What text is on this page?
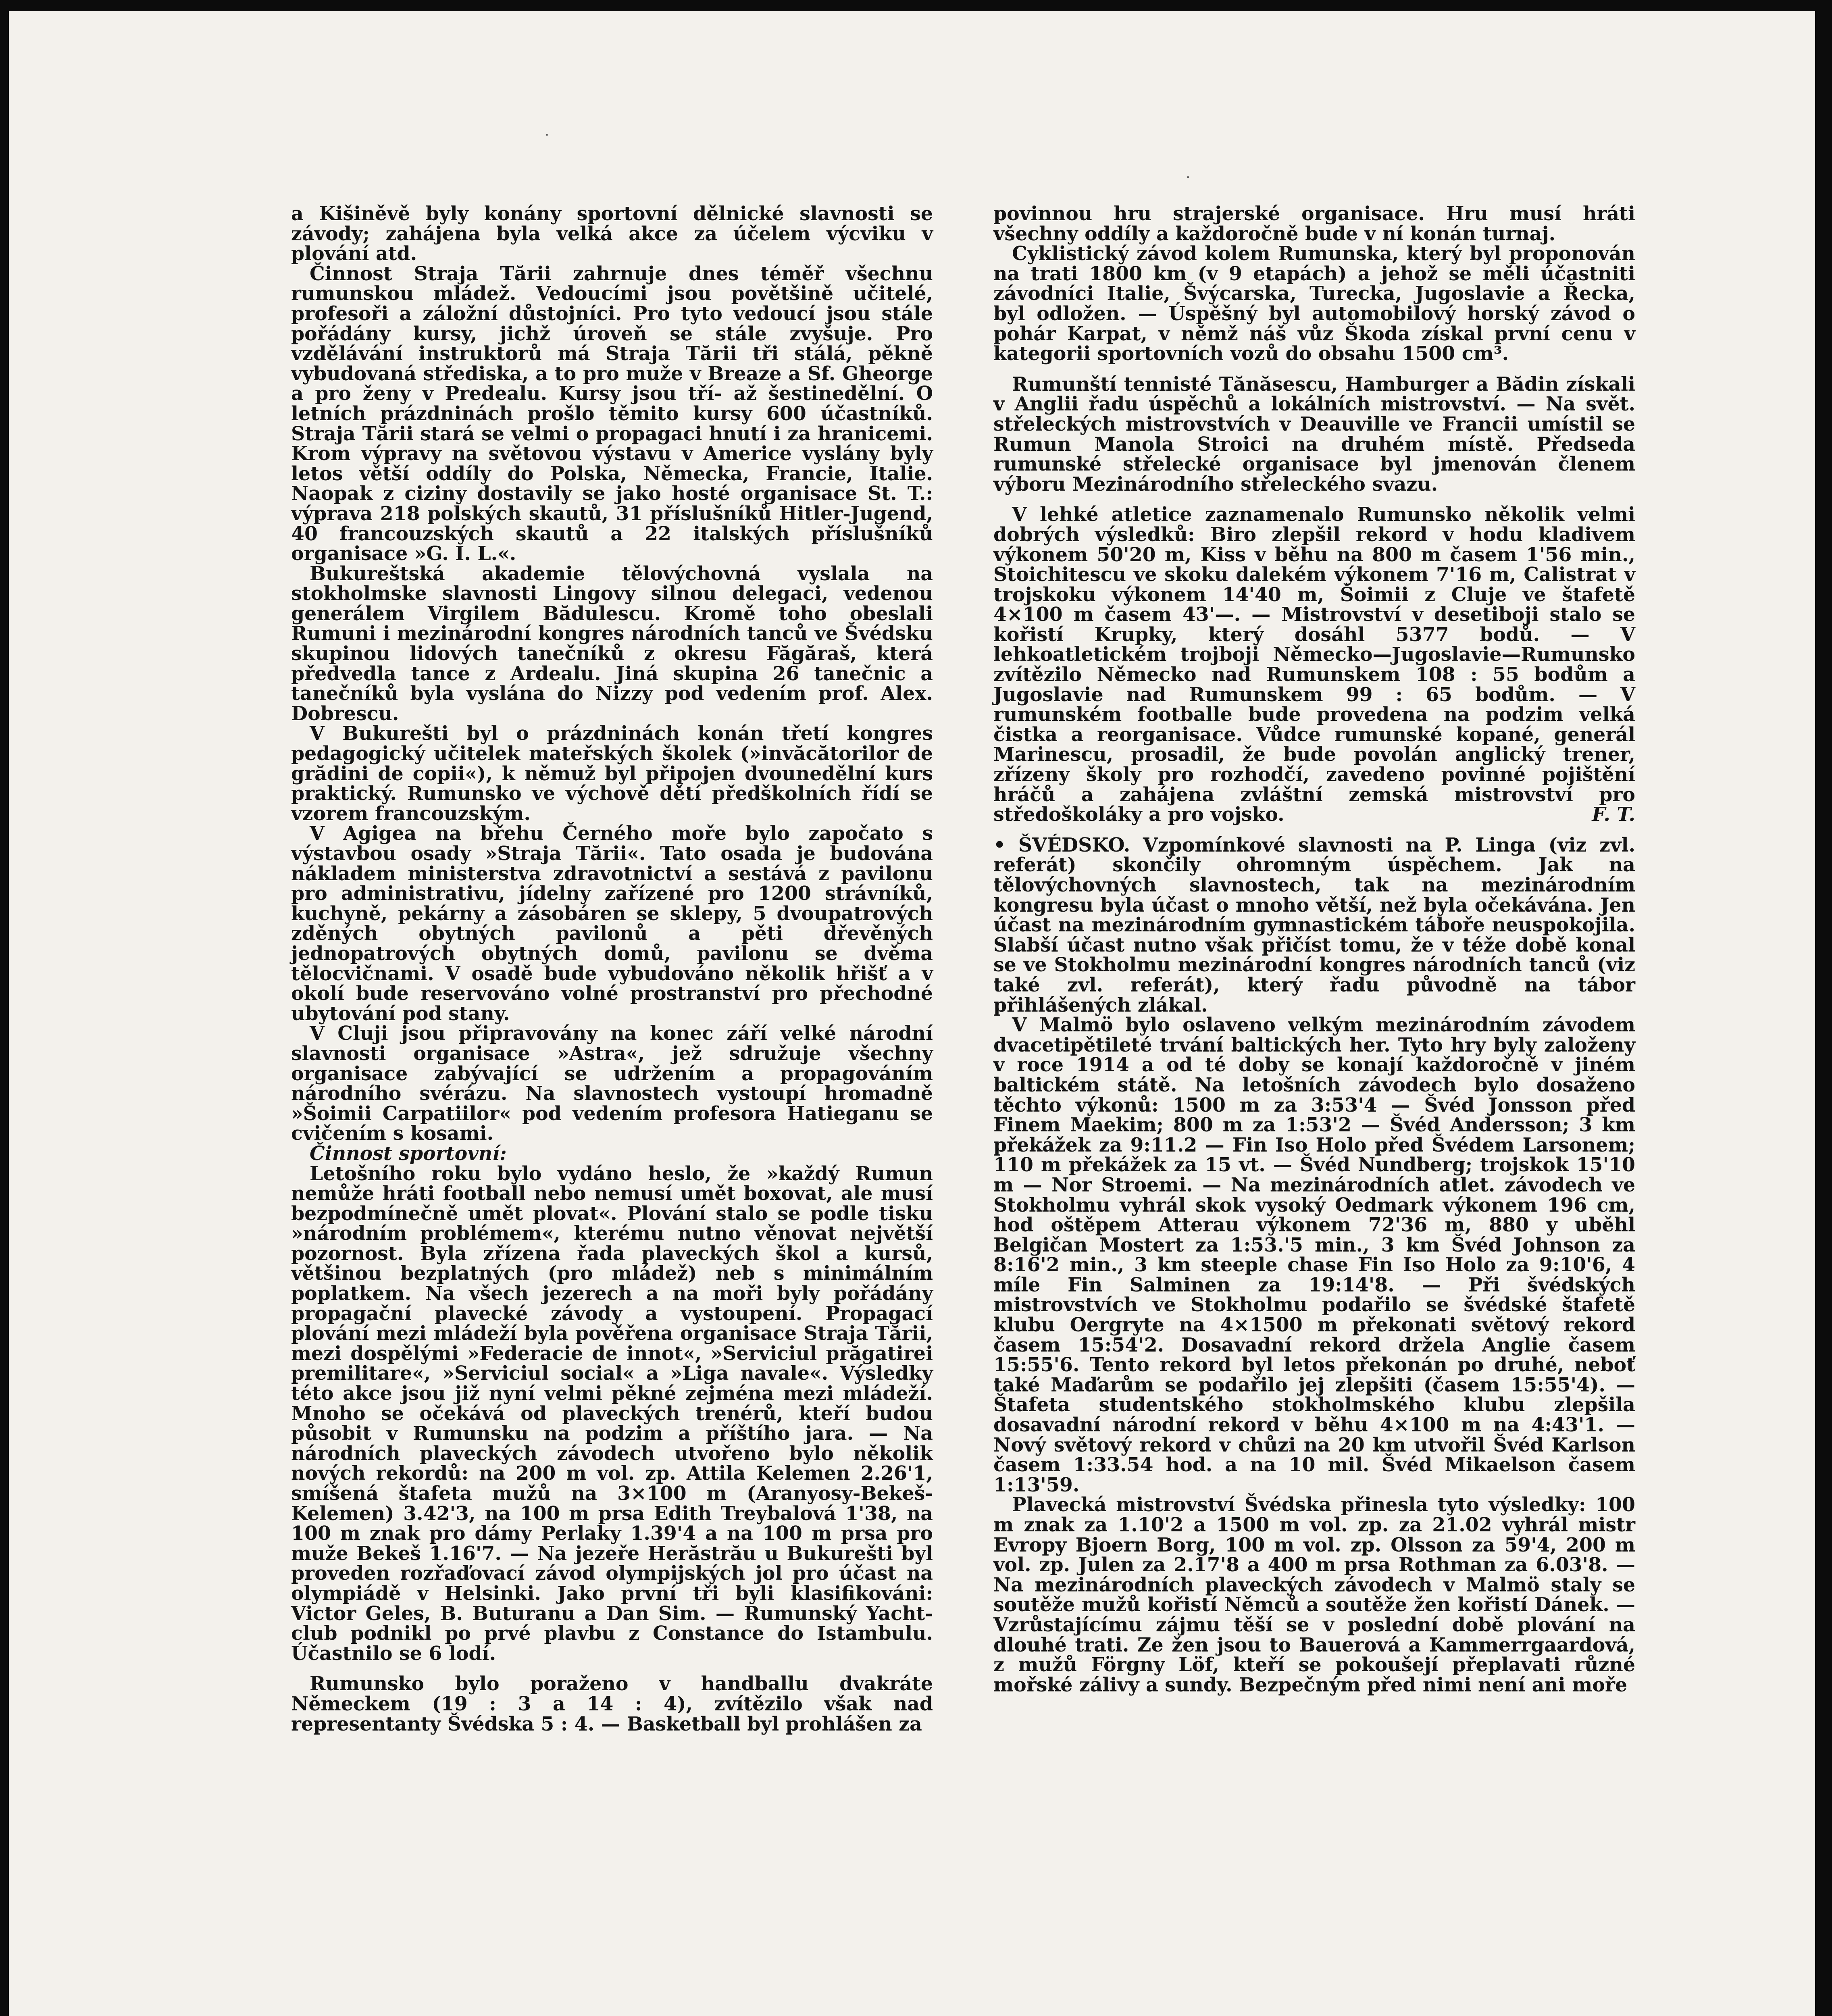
a Kišiněvě byly konány sportovní dělnické slavnosti se závody; zahájena byla velká akce za účelem výcviku v plování atd.

Činnost Straja Tării zahrnuje dnes téměř všechnu rumunskou mládež. Vedoucími jsou povětšině učitelé, profesoři a záložní důstojníci. Pro tyto vedoucí jsou stále pořádány kursy, jichž úroveň se stále zvyšuje. Pro vzdělávání instruktorů má Straja Tării tři stálá, pěkně vybudovaná střediska, a to pro muže v Breaze a Sf. Gheorge a pro ženy v Predealu. Kursy jsou tří- až šestinedělní. O letních prázdninách prošlo těmito kursy 600 účastníků. Straja Tării stará se velmi o propagaci hnutí i za hranicemi. Krom výpravy na světovou výstavu v Americe vyslány byly letos větší oddíly do Polska, Německa, Francie, Italie. Naopak z ciziny dostavily se jako hosté organisace St. T.: výprava 218 polských skautů, 31 příslušníků Hitler-Jugend, 40 francouzských skautů a 22 italských příslušníků organisace »G. I. L.«.

Bukureštská akademie tělovýchovná vyslala na stokholmske slavnosti Lingovy silnou delegaci, vedenou generálem Virgilem Bădulescu. Kromě toho obeslali Rumuni i mezinárodní kongres národních tanců ve Švédsku skupinou lidových tanečníků z okresu Făgăraš, která předvedla tance z Ardealu. Jiná skupina 26 tanečnic a tanečníků byla vyslána do Nizzy pod vedením prof. Alex. Dobrescu.

V Bukurešti byl o prázdninách konán třetí kongres pedagogický učitelek mateřských školek (»invăcătorilor de grădini de copii«), k němuž byl připojen dvounedělní kurs praktický. Rumunsko ve výchově dětí předškolních řídí se vzorem francouzským.

V Agigea na břehu Černého moře bylo započato s výstavbou osady »Straja Tării«. Tato osada je budována nákladem ministerstva zdravotnictví a sestává z pavilonu pro administrativu, jídelny zařízené pro 1200 strávníků, kuchyně, pekárny a zásobáren se sklepy, 5 dvoupatrových zděných obytných pavilonů a pěti dřevěných jednopatrových obytných domů, pavilonu se dvěma tělocvičnami. V osadě bude vybudováno několik hřišť a v okolí bude reservováno volné prostranství pro přechodné ubytování pod stany.

V Cluji jsou připravovány na konec září velké národní slavnosti organisace »Astra«, jež sdružuje všechny organisace zabývající se udržením a propagováním národního svérázu. Na slavnostech vystoupí hromadně »Šoimii Carpatiilor« pod vedením profesora Hatieganu se cvičením s kosami.

Činnost sportovní:

Letošního roku bylo vydáno heslo, že »každý Rumun nemůže hráti football nebo nemusí umět boxovat, ale musí bezpodmínečně umět plovat«. Plování stalo se podle tisku »národním problémem«, kterému nutno věnovat největší pozornost. Byla zřízena řada plaveckých škol a kursů, většinou bezplatných (pro mládež) neb s minimálním poplatkem. Na všech jezerech a na moři byly pořádány propagační plavecké závody a vystoupení. Propagací plování mezi mládeží byla pověřena organisace Straja Tării, mezi dospělými »Federacie de innot«, »Serviciul prăgatirei premilitare«, »Serviciul social« a »Liga navale«. Výsledky této akce jsou již nyní velmi pěkné zejména mezi mládeží. Mnoho se očekává od plaveckých trenérů, kteří budou působit v Rumunsku na podzim a příštího jara. — Na národních plaveckých závodech utvořeno bylo několik nových rekordů: na 200 m vol. zp. Attila Kelemen 2.26'1, smíšená štafeta mužů na 3×100 m (Aranyosy-Bekeš-Kelemen) 3.42'3, na 100 m prsa Edith Treybalová 1'38, na 100 m znak pro dámy Perlaky 1.39'4 a na 100 m prsa pro muže Bekeš 1.16'7. — Na jezeře Herăstrău u Bukurešti byl proveden rozřaďovací závod olympijských jol pro účast na olympiádě v Helsinki. Jako první tři byli klasifikováni: Victor Geles, B. Buturanu a Dan Sim. — Rumunský Yacht-club podnikl po prvé plavbu z Constance do Istambulu. Účastnilo se 6 lodí.

Rumunsko bylo poraženo v handballu dvakráte Německem (19 : 3 a 14 : 4), zvítězilo však nad representanty Švédska 5 : 4. — Basketball byl prohlášen za

povinnou hru strajerské organisace. Hru musí hráti všechny oddíly a každoročně bude v ní konán turnaj.

Cyklistický závod kolem Rumunska, který byl proponován na trati 1800 km (v 9 etapách) a jehož se měli účastniti závodníci Italie, Švýcarska, Turecka, Jugoslavie a Řecka, byl odložen. — Úspěšný byl automobilový horský závod o pohár Karpat, v němž náš vůz Škoda získal první cenu v kategorii sportovních vozů do obsahu 1500 cm³.

Rumunští tennisté Tănăsescu, Hamburger a Bădin získali v Anglii řadu úspěchů a lokálních mistrovství. — Na svět. střeleckých mistrovstvích v Deauville ve Francii umístil se Rumun Manola Stroici na druhém místě. Předseda rumunské střelecké organisace byl jmenován členem výboru Mezinárodního střeleckého svazu.

V lehké atletice zaznamenalo Rumunsko několik velmi dobrých výsledků: Biro zlepšil rekord v hodu kladivem výkonem 50'20 m, Kiss v běhu na 800 m časem 1'56 min., Stoichitescu ve skoku dalekém výkonem 7'16 m, Calistrat v trojskoku výkonem 14'40 m, Šoimii z Cluje ve štafetě 4×100 m časem 43'—. — Mistrovství v desetiboji stalo se kořistí Krupky, který dosáhl 5377 bodů. — V lehkoatletickém trojboji Německo—Jugoslavie—Rumunsko zvítězilo Německo nad Rumunskem 108 : 55 bodům a Jugoslavie nad Rumunskem 99 : 65 bodům. — V rumunském footballe bude provedena na podzim velká čistka a reorganisace. Vůdce rumunské kopané, generál Marinescu, prosadil, že bude povolán anglický trener, zřízeny školy pro rozhodčí, zavedeno povinné pojištění hráčů a zahájena zvláštní zemská mistrovství pro středoškoláky a pro vojsko.	F. T.

• ŠVÉDSKO. Vzpomínkové slavnosti na P. Linga (viz zvl. referát) skončily ohromným úspěchem. Jak na tělovýchovných slavnostech, tak na mezinárodním kongresu byla účast o mnoho větší, než byla očekávána. Jen účast na mezinárodním gymnastickém táboře neuspokojila. Slabší účast nutno však přičíst tomu, že v téže době konal se ve Stokholmu mezinárodní kongres národních tanců (viz také zvl. referát), který řadu původně na tábor přihlášených zlákal.

V Malmö bylo oslaveno velkým mezinárodním závodem dvacetipětileté trvání baltických her. Tyto hry byly založeny v roce 1914 a od té doby se konají každoročně v jiném baltickém státě. Na letošních závodech bylo dosaženo těchto výkonů: 1500 m za 3:53'4 — Švéd Jonsson před Finem Maekim; 800 m za 1:53'2 — Švéd Andersson; 3 km překážek za 9:11.2 — Fin Iso Holo před Švédem Larsonem; 110 m překážek za 15 vt. — Švéd Nundberg; trojskok 15'10 m — Nor Stroemi. — Na mezinárodních atlet. závodech ve Stokholmu vyhrál skok vysoký Oedmark výkonem 196 cm, hod oštěpem Atterau výkonem 72'36 m, 880 y uběhl Belgičan Mostert za 1:53.'5 min., 3 km Švéd Johnson za 8:16'2 min., 3 km steeple chase Fin Iso Holo za 9:10'6, 4 míle Fin Salminen za 19:14'8. — Při švédských mistrovstvích ve Stokholmu podařilo se švédské štafetě klubu Oergryte na 4×1500 m překonati světový rekord časem 15:54'2. Dosavadní rekord držela Anglie časem 15:55'6. Tento rekord byl letos překonán po druhé, neboť také Maďarům se podařilo jej zlepšiti (časem 15:55'4). — Štafeta studentského stokholmského klubu zlepšila dosavadní národní rekord v běhu 4×100 m na 4:43'1. — Nový světový rekord v chůzi na 20 km utvořil Švéd Karlson časem 1:33.54 hod. a na 10 mil. Švéd Mikaelson časem 1:13'59.

Plavecká mistrovství Švédska přinesla tyto výsledky: 100 m znak za 1.10'2 a 1500 m vol. zp. za 21.02 vyhrál mistr Evropy Bjoern Borg, 100 m vol. zp. Olsson za 59'4, 200 m vol. zp. Julen za 2.17'8 a 400 m prsa Rothman za 6.03'8. — Na mezinárodních plaveckých závodech v Malmö staly se soutěže mužů kořistí Němců a soutěže žen kořistí Dánek. — Vzrůstajícímu zájmu těší se v poslední době plování na dlouhé trati. Ze žen jsou to Bauerová a Kammerrgaardová, z mužů Förgny Löf, kteří se pokoušejí přeplavati různé mořské zálivy a sundy. Bezpečným před nimi není ani moře

.
·
